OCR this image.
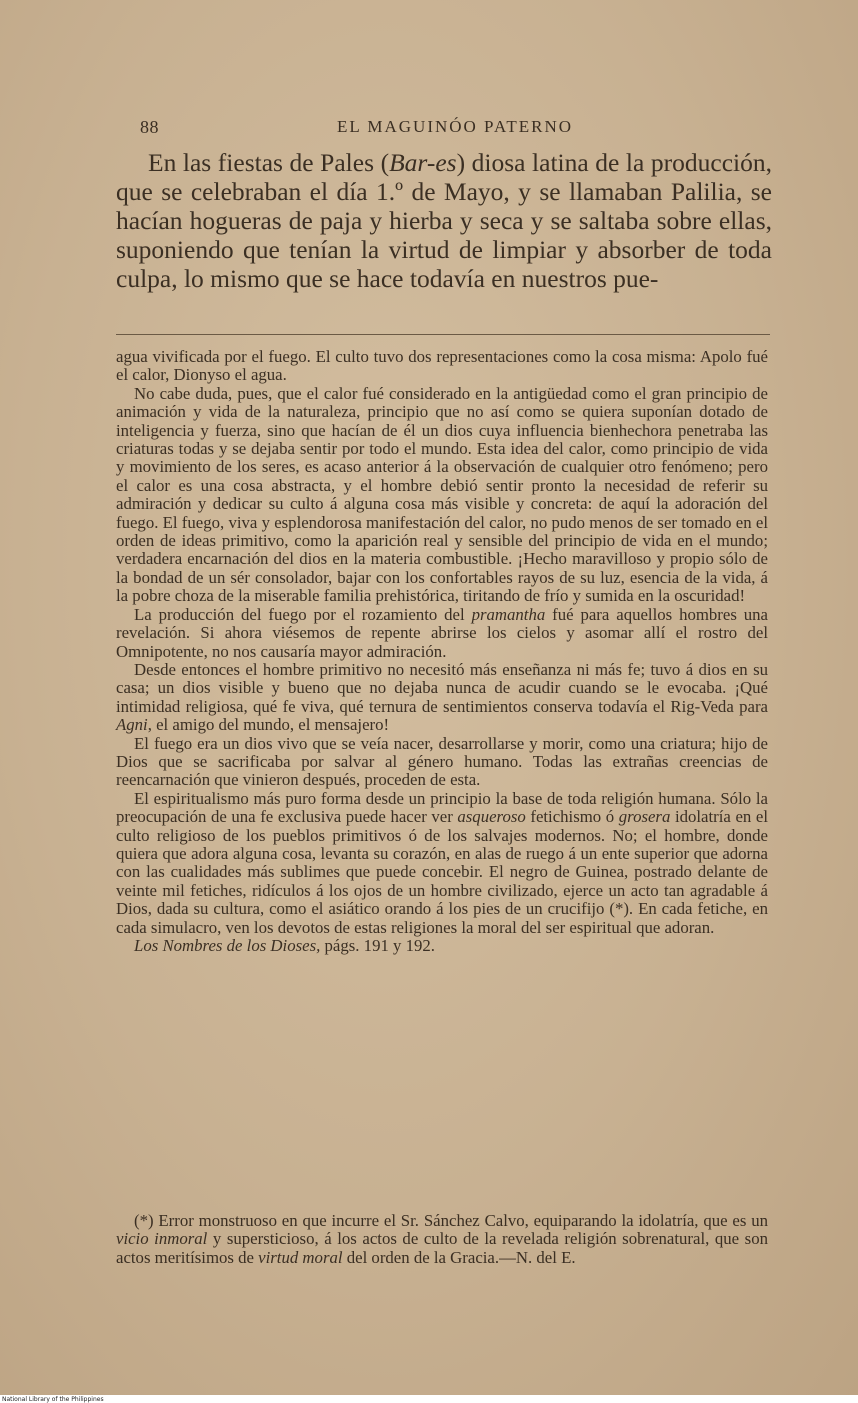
88	EL MAGUINÓO PATERNO

En las fiestas de Pales (Bar-es) diosa latina de la producción, que se celebraban el día 1.º de Mayo, y se llamaban Palilia, se hacían hogueras de paja y hierba y seca y se saltaba sobre ellas, suponiendo que tenían la virtud de limpiar y absorber de toda culpa, lo mismo que se hace todavía en nuestros pue-

agua vivificada por el fuego. El culto tuvo dos representaciones como la cosa misma: Apolo fué el calor, Dionyso el agua.

No cabe duda, pues, que el calor fué considerado en la antigüedad como el gran principio de animación y vida de la naturaleza, principio que no así como se quiera suponían dotado de inteligencia y fuerza, sino que hacían de él un dios cuya influencia bienhechora penetraba las criaturas todas y se dejaba sentir por todo el mundo. Esta idea del calor, como principio de vida y movimiento de los seres, es acaso anterior á la observación de cualquier otro fenómeno; pero el calor es una cosa abstracta, y el hombre debió sentir pronto la necesidad de referir su admiración y dedicar su culto á alguna cosa más visible y concreta: de aquí la adoración del fuego. El fuego, viva y esplendorosa manifestación del calor, no pudo menos de ser tomado en el orden de ideas primitivo, como la aparición real y sensible del principio de vida en el mundo; verdadera encarnación del dios en la materia combustible. ¡Hecho maravilloso y propio sólo de la bondad de un sér consolador, bajar con los confortables rayos de su luz, esencia de la vida, á la pobre choza de la miserable familia prehistórica, tiritando de frío y sumida en la oscuridad!

La producción del fuego por el rozamiento del pramantha fué para aquellos hombres una revelación. Si ahora viésemos de repente abrirse los cielos y asomar allí el rostro del Omnipotente, no nos causaría mayor admiración.

Desde entonces el hombre primitivo no necesitó más enseñanza ni más fe; tuvo á dios en su casa; un dios visible y bueno que no dejaba nunca de acudir cuando se le evocaba. ¡Qué intimidad religiosa, qué fe viva, qué ternura de sentimientos conserva todavía el Rig-Veda para Agni, el amigo del mundo, el mensajero!

El fuego era un dios vivo que se veía nacer, desarrollarse y morir, como una criatura; hijo de Dios que se sacrificaba por salvar al género humano. Todas las extrañas creencias de reencarnación que vinieron después, proceden de esta.

El espiritualismo más puro forma desde un principio la base de toda religión humana. Sólo la preocupación de una fe exclusiva puede hacer ver asqueroso fetichismo ó grosera idolatría en el culto religioso de los pueblos primitivos ó de los salvajes modernos. No; el hombre, donde quiera que adora alguna cosa, levanta su corazón, en alas de ruego á un ente superior que adorna con las cualidades más sublimes que puede concebir. El negro de Guinea, postrado delante de veinte mil fetiches, ridículos á los ojos de un hombre civilizado, ejerce un acto tan agradable á Dios, dada su cultura, como el asiático orando á los pies de un crucifijo (*). En cada fetiche, en cada simulacro, ven los devotos de estas religiones la moral del ser espiritual que adoran.

Los Nombres de los Dioses, págs. 191 y 192.

(*) Error monstruoso en que incurre el Sr. Sánchez Calvo, equiparando la idolatría, que es un vicio inmoral y supersticioso, á los actos de culto de la revelada religión sobrenatural, que son actos meritísimos de virtud moral del orden de la Gracia.—N. del E.

National Library of the Philippines
